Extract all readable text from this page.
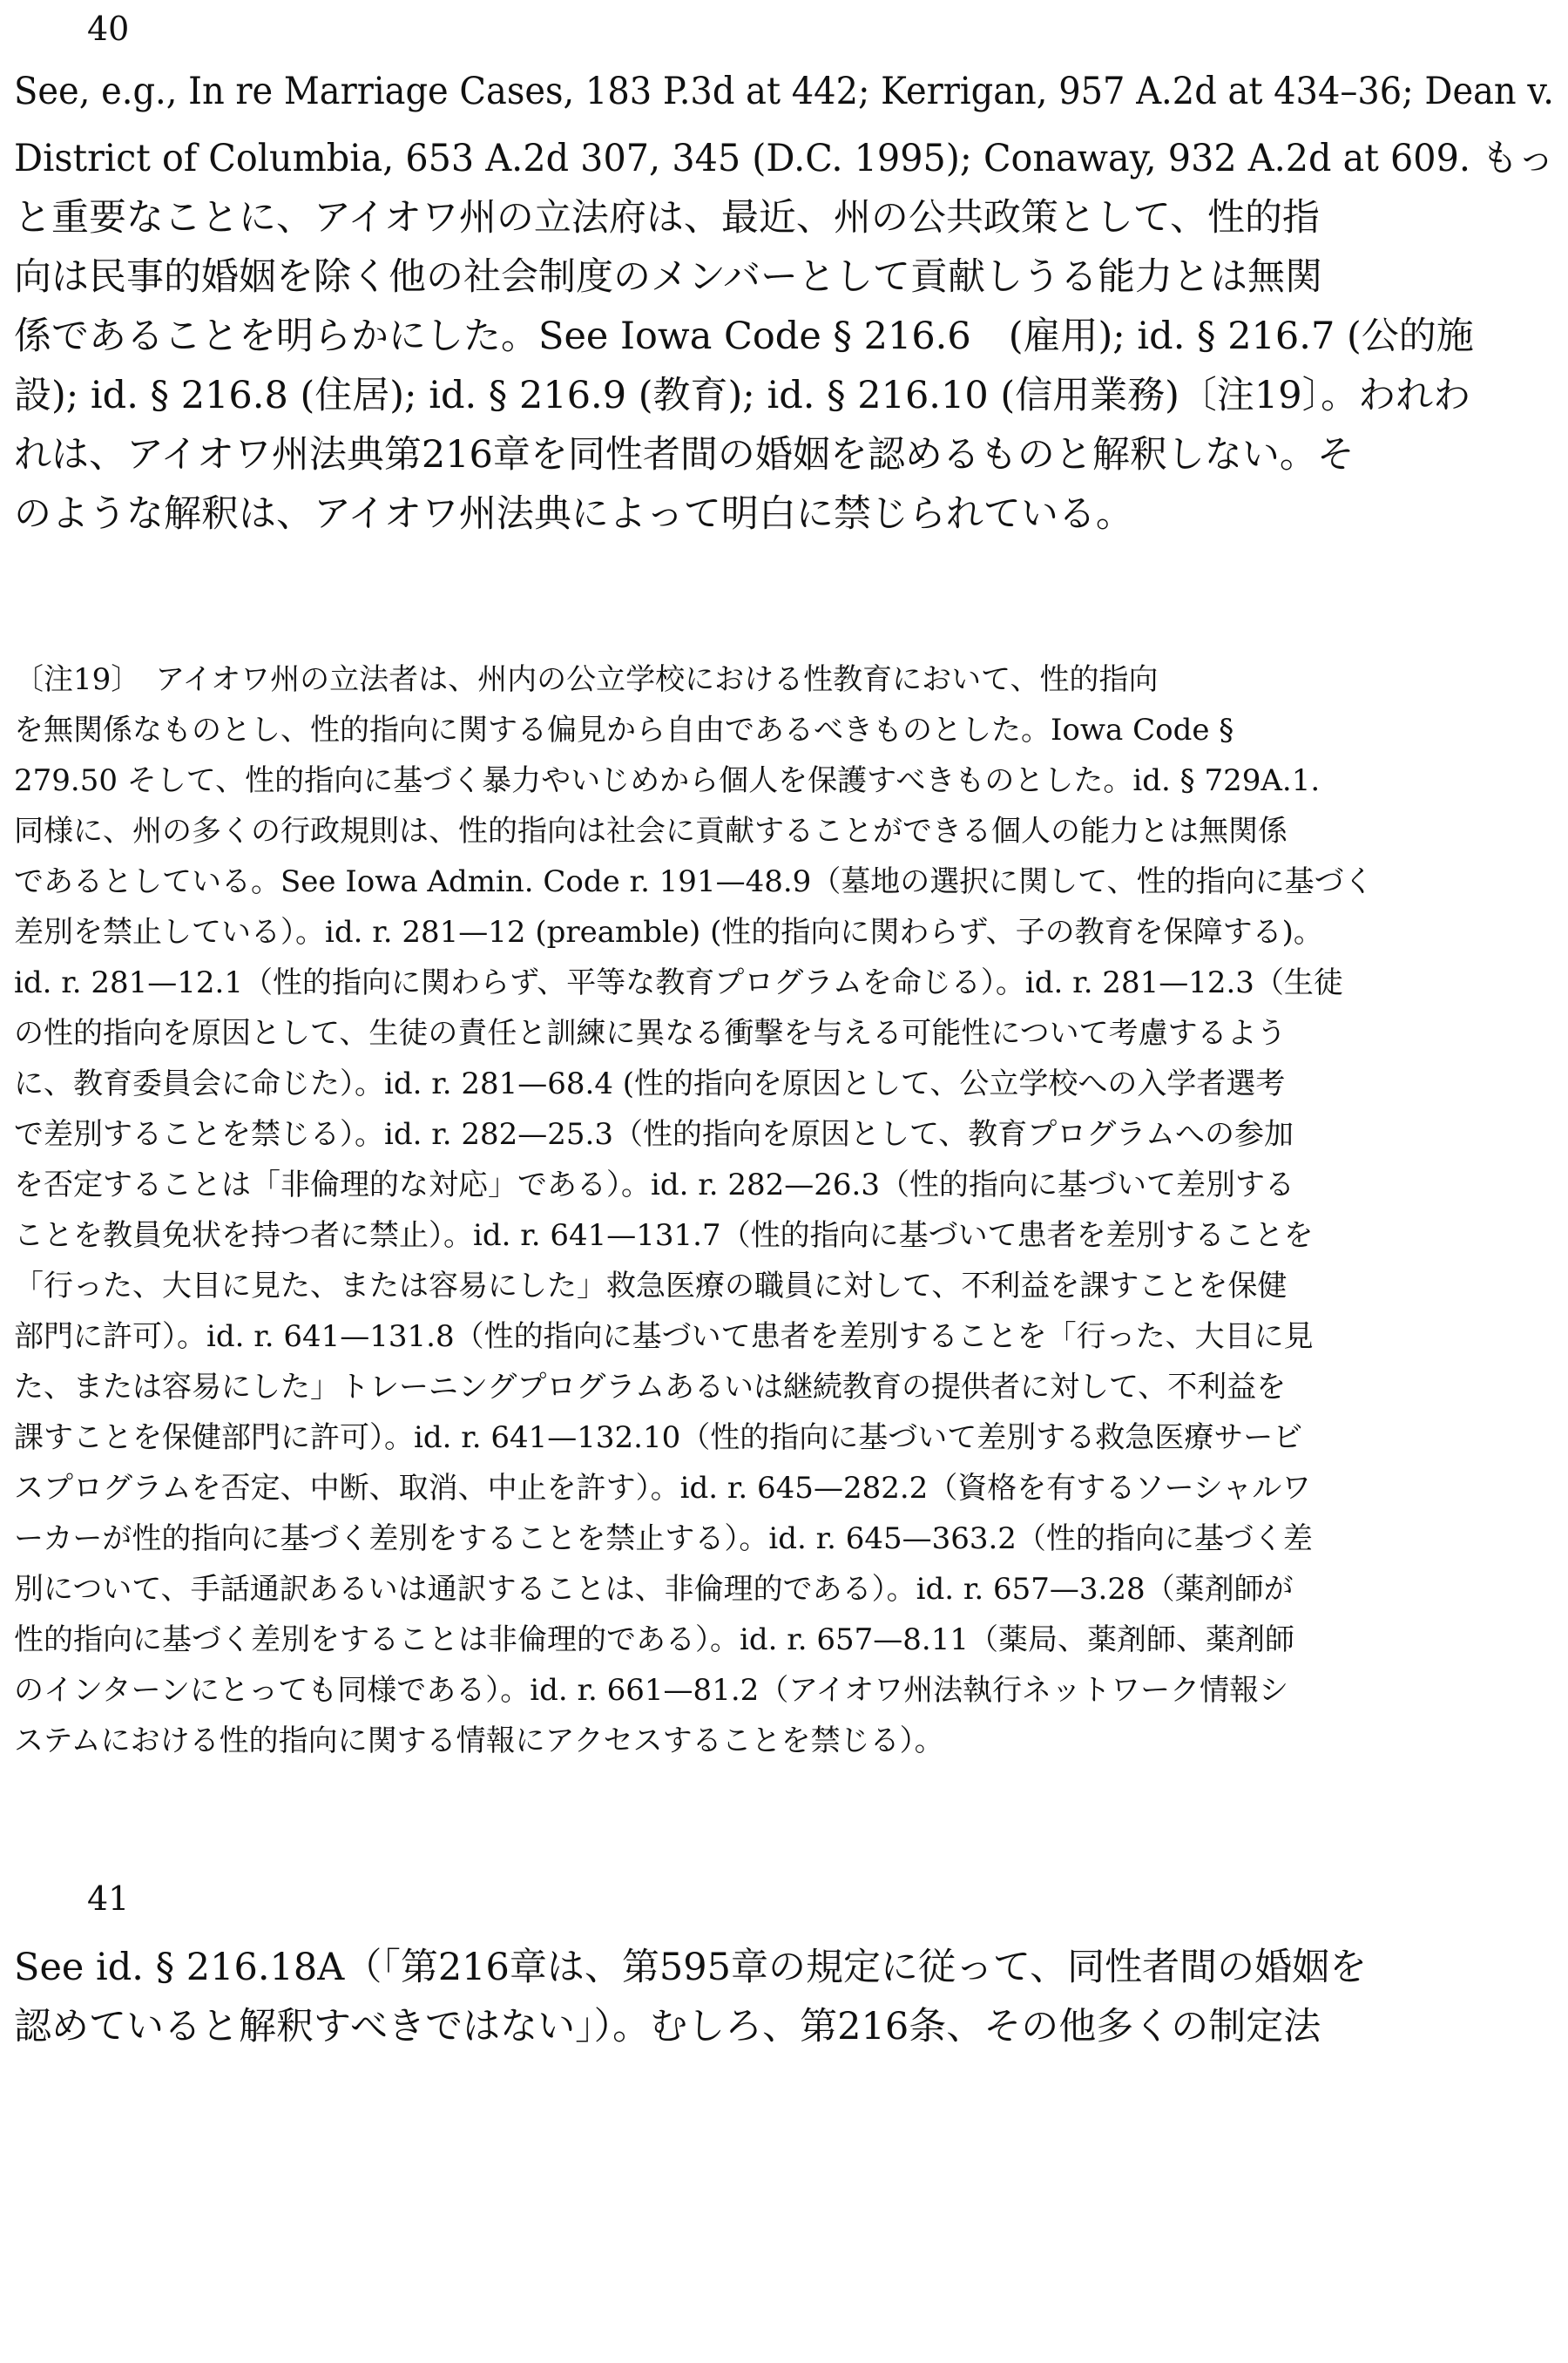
40
See, e.g., In re Marriage Cases, 183 P.3d at 442; Kerrigan, 957 A.2d at 434–36; Dean v.
District of Columbia, 653 A.2d 307, 345 (D.C. 1995); Conaway, 932 A.2d at 609. もっ
と重要なことに、アイオワ州の立法府は、最近、州の公共政策として、性的指
向は民事的婚姻を除く他の社会制度のメンバーとして貢献しうる能力とは無関
係であることを明らかにした。See Iowa Code § 216.6　(雇用); id. § 216.7 (公的施
設); id. § 216.8 (住居); id. § 216.9 (教育); id. § 216.10 (信用業務)〔注19〕。われわ
れは、アイオワ州法典第216章を同性者間の婚姻を認めるものと解釈しない。そ
のような解釈は、アイオワ州法典によって明白に禁じられている。
〔注19〕　アイオワ州の立法者は、州内の公立学校における性教育において、性的指向
を無関係なものとし、性的指向に関する偏見から自由であるべきものとした。Iowa Code §
279.50 そして、性的指向に基づく暴力やいじめから個人を保護すべきものとした。id. § 729A.1.
同様に、州の多くの行政規則は、性的指向は社会に貢献することができる個人の能力とは無関係
であるとしている。See Iowa Admin. Code r. 191—48.9（墓地の選択に関して、性的指向に基づく
差別を禁止している）。id. r. 281—12 (preamble) (性的指向に関わらず、子の教育を保障する)。
id. r. 281—12.1（性的指向に関わらず、平等な教育プログラムを命じる）。id. r. 281—12.3（生徒
の性的指向を原因として、生徒の責任と訓練に異なる衝撃を与える可能性について考慮するよう
に、教育委員会に命じた）。id. r. 281—68.4 (性的指向を原因として、公立学校への入学者選考
で差別することを禁じる）。id. r. 282—25.3（性的指向を原因として、教育プログラムへの参加
を否定することは「非倫理的な対応」である）。id. r. 282—26.3（性的指向に基づいて差別する
ことを教員免状を持つ者に禁止）。id. r. 641—131.7（性的指向に基づいて患者を差別することを
「行った、大目に見た、または容易にした」救急医療の職員に対して、不利益を課すことを保健
部門に許可）。id. r. 641—131.8（性的指向に基づいて患者を差別することを「行った、大目に見
た、または容易にした」トレーニングプログラムあるいは継続教育の提供者に対して、不利益を
課すことを保健部門に許可）。id. r. 641—132.10（性的指向に基づいて差別する救急医療サービ
スプログラムを否定、中断、取消、中止を許す）。id. r. 645—282.2（資格を有するソーシャルワ
ーカーが性的指向に基づく差別をすることを禁止する）。id. r. 645—363.2（性的指向に基づく差
別について、手話通訳あるいは通訳することは、非倫理的である）。id. r. 657—3.28（薬剤師が
性的指向に基づく差別をすることは非倫理的である）。id. r. 657—8.11（薬局、薬剤師、薬剤師
のインターンにとっても同様である）。id. r. 661—81.2（アイオワ州法執行ネットワーク情報シ
ステムにおける性的指向に関する情報にアクセスすることを禁じる）。
41
See id. § 216.18A（「第216章は、第595章の規定に従って、同性者間の婚姻を
認めていると解釈すべきではない」）。むしろ、第216条、その他多くの制定法
